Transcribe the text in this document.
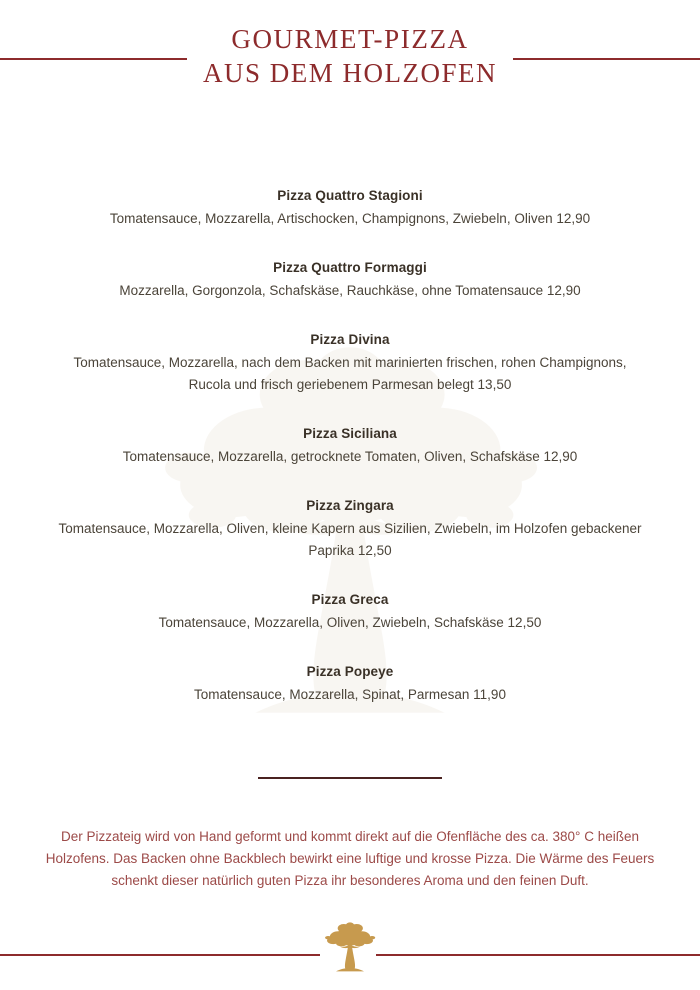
GOURMET-PIZZA
AUS DEM HOLZOFEN
Pizza Quattro Stagioni
Tomatensauce, Mozzarella, Artischocken, Champignons, Zwiebeln, Oliven 12,90
Pizza Quattro Formaggi
Mozzarella, Gorgonzola, Schafskäse, Rauchkäse, ohne Tomatensauce 12,90
Pizza Divina
Tomatensauce, Mozzarella, nach dem Backen mit marinierten frischen, rohen Champignons, Rucola und frisch geriebenem Parmesan belegt 13,50
Pizza Siciliana
Tomatensauce, Mozzarella, getrocknete Tomaten, Oliven, Schafskäse 12,90
Pizza Zingara
Tomatensauce, Mozzarella, Oliven, kleine Kapern aus Sizilien, Zwiebeln, im Holzofen gebackener Paprika 12,50
Pizza Greca
Tomatensauce, Mozzarella, Oliven, Zwiebeln, Schafskäse 12,50
Pizza Popeye
Tomatensauce, Mozzarella, Spinat, Parmesan 11,90
Der Pizzateig wird von Hand geformt und kommt direkt auf die Ofenfläche des ca. 380° C heißen Holzofens. Das Backen ohne Backblech bewirkt eine luftige und krosse Pizza. Die Wärme des Feuers schenkt dieser natürlich guten Pizza ihr besonderes Aroma und den feinen Duft.
